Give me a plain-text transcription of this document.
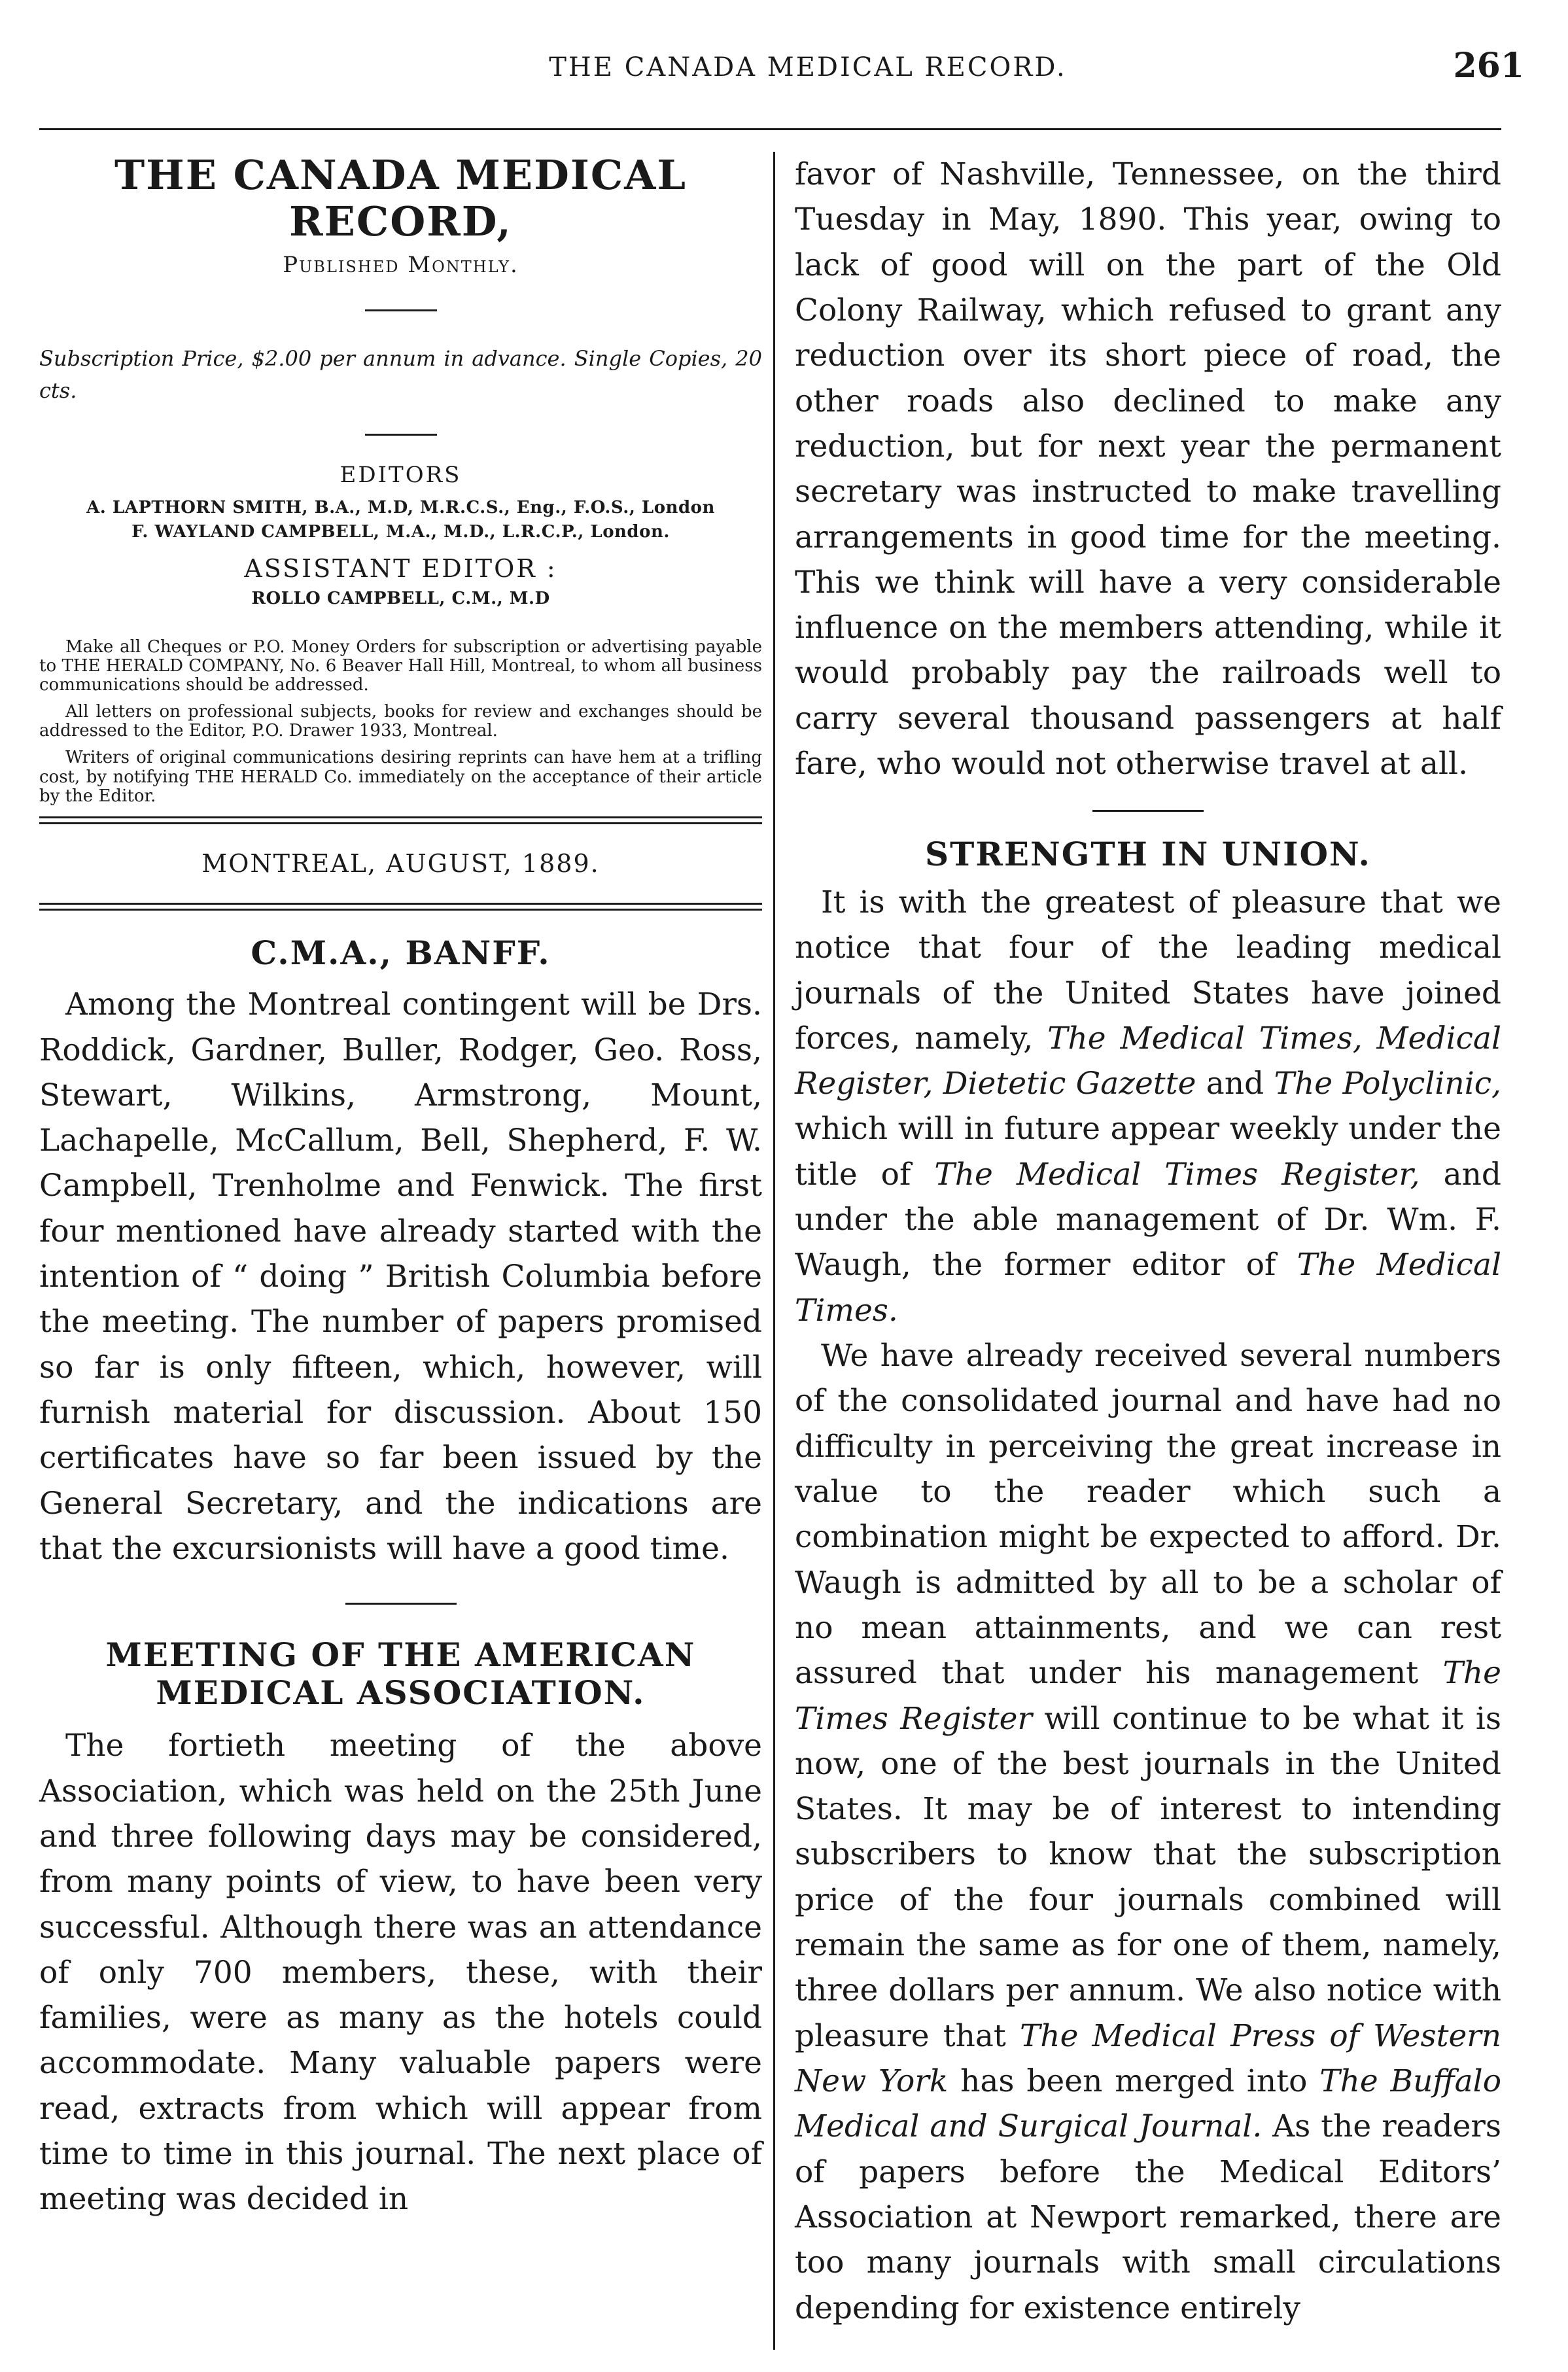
THE CANADA MEDICAL RECORD.	261
THE CANADA MEDICAL RECORD,

Published Monthly.

Subscription Price, $2.00 per annum in advance. Single Copies, 20 cts.

EDITORS

A. LAPTHORN SMITH, B.A., M.D, M.R.C.S., Eng., F.O.S., London

F. WAYLAND CAMPBELL, M.A., M.D., L.R.C.P., London.

ASSISTANT EDITOR :

ROLLO CAMPBELL, C.M., M.D

Make all Cheques or P.O. Money Orders for subscription or advertising payable to THE HERALD COMPANY, No. 6 Beaver Hall Hill, Montreal, to whom all business communications should be addressed.

All letters on professional subjects, books for review and exchanges should be addressed to the Editor, P.O. Drawer 1933, Montreal.

Writers of original communications desiring reprints can have hem at a trifling cost, by notifying THE HERALD Co. immediately on the acceptance of their article by the Editor.

MONTREAL, AUGUST, 1889.

C.M.A., BANFF.

Among the Montreal contingent will be Drs. Roddick, Gardner, Buller, Rodger, Geo. Ross, Stewart, Wilkins, Armstrong, Mount, Lachapelle, McCallum, Bell, Shepherd, F. W. Campbell, Trenholme and Fenwick. The first four mentioned have already started with the intention of “ doing ” British Columbia before the meeting. The number of papers promised so far is only fifteen, which, however, will furnish material for discussion. About 150 certificates have so far been issued by the General Secretary, and the indications are that the excursionists will have a good time.

MEETING OF THE AMERICAN
MEDICAL ASSOCIATION.

The fortieth meeting of the above Association, which was held on the 25th June and three following days may be considered, from many points of view, to have been very successful. Although there was an attendance of only 700 members, these, with their families, were as many as the hotels could accommodate. Many valuable papers were read, extracts from which will appear from time to time in this journal. The next place of meeting was decided in

favor of Nashville, Tennessee, on the third Tuesday in May, 1890. This year, owing to lack of good will on the part of the Old Colony Railway, which refused to grant any reduction over its short piece of road, the other roads also declined to make any reduction, but for next year the permanent secretary was instructed to make travelling arrangements in good time for the meeting. This we think will have a very considerable influence on the members attending, while it would probably pay the railroads well to carry several thousand passengers at half fare, who would not otherwise travel at all.

STRENGTH IN UNION.

It is with the greatest of pleasure that we notice that four of the leading medical journals of the United States have joined forces, namely, The Medical Times, Medical Register, Dietetic Gazette and The Polyclinic, which will in future appear weekly under the title of The Medical Times Register, and under the able management of Dr. Wm. F. Waugh, the former editor of The Medical Times.

We have already received several numbers of the consolidated journal and have had no difficulty in perceiving the great increase in value to the reader which such a combination might be expected to afford. Dr. Waugh is admitted by all to be a scholar of no mean attainments, and we can rest assured that under his management The Times Register will continue to be what it is now, one of the best journals in the United States. It may be of interest to intending subscribers to know that the subscription price of the four journals combined will remain the same as for one of them, namely, three dollars per annum. We also notice with pleasure that The Medical Press of Western New York has been merged into The Buffalo Medical and Surgical Journal. As the readers of papers before the Medical Editors’ Association at Newport remarked, there are too many journals with small circulations depending for existence entirely
